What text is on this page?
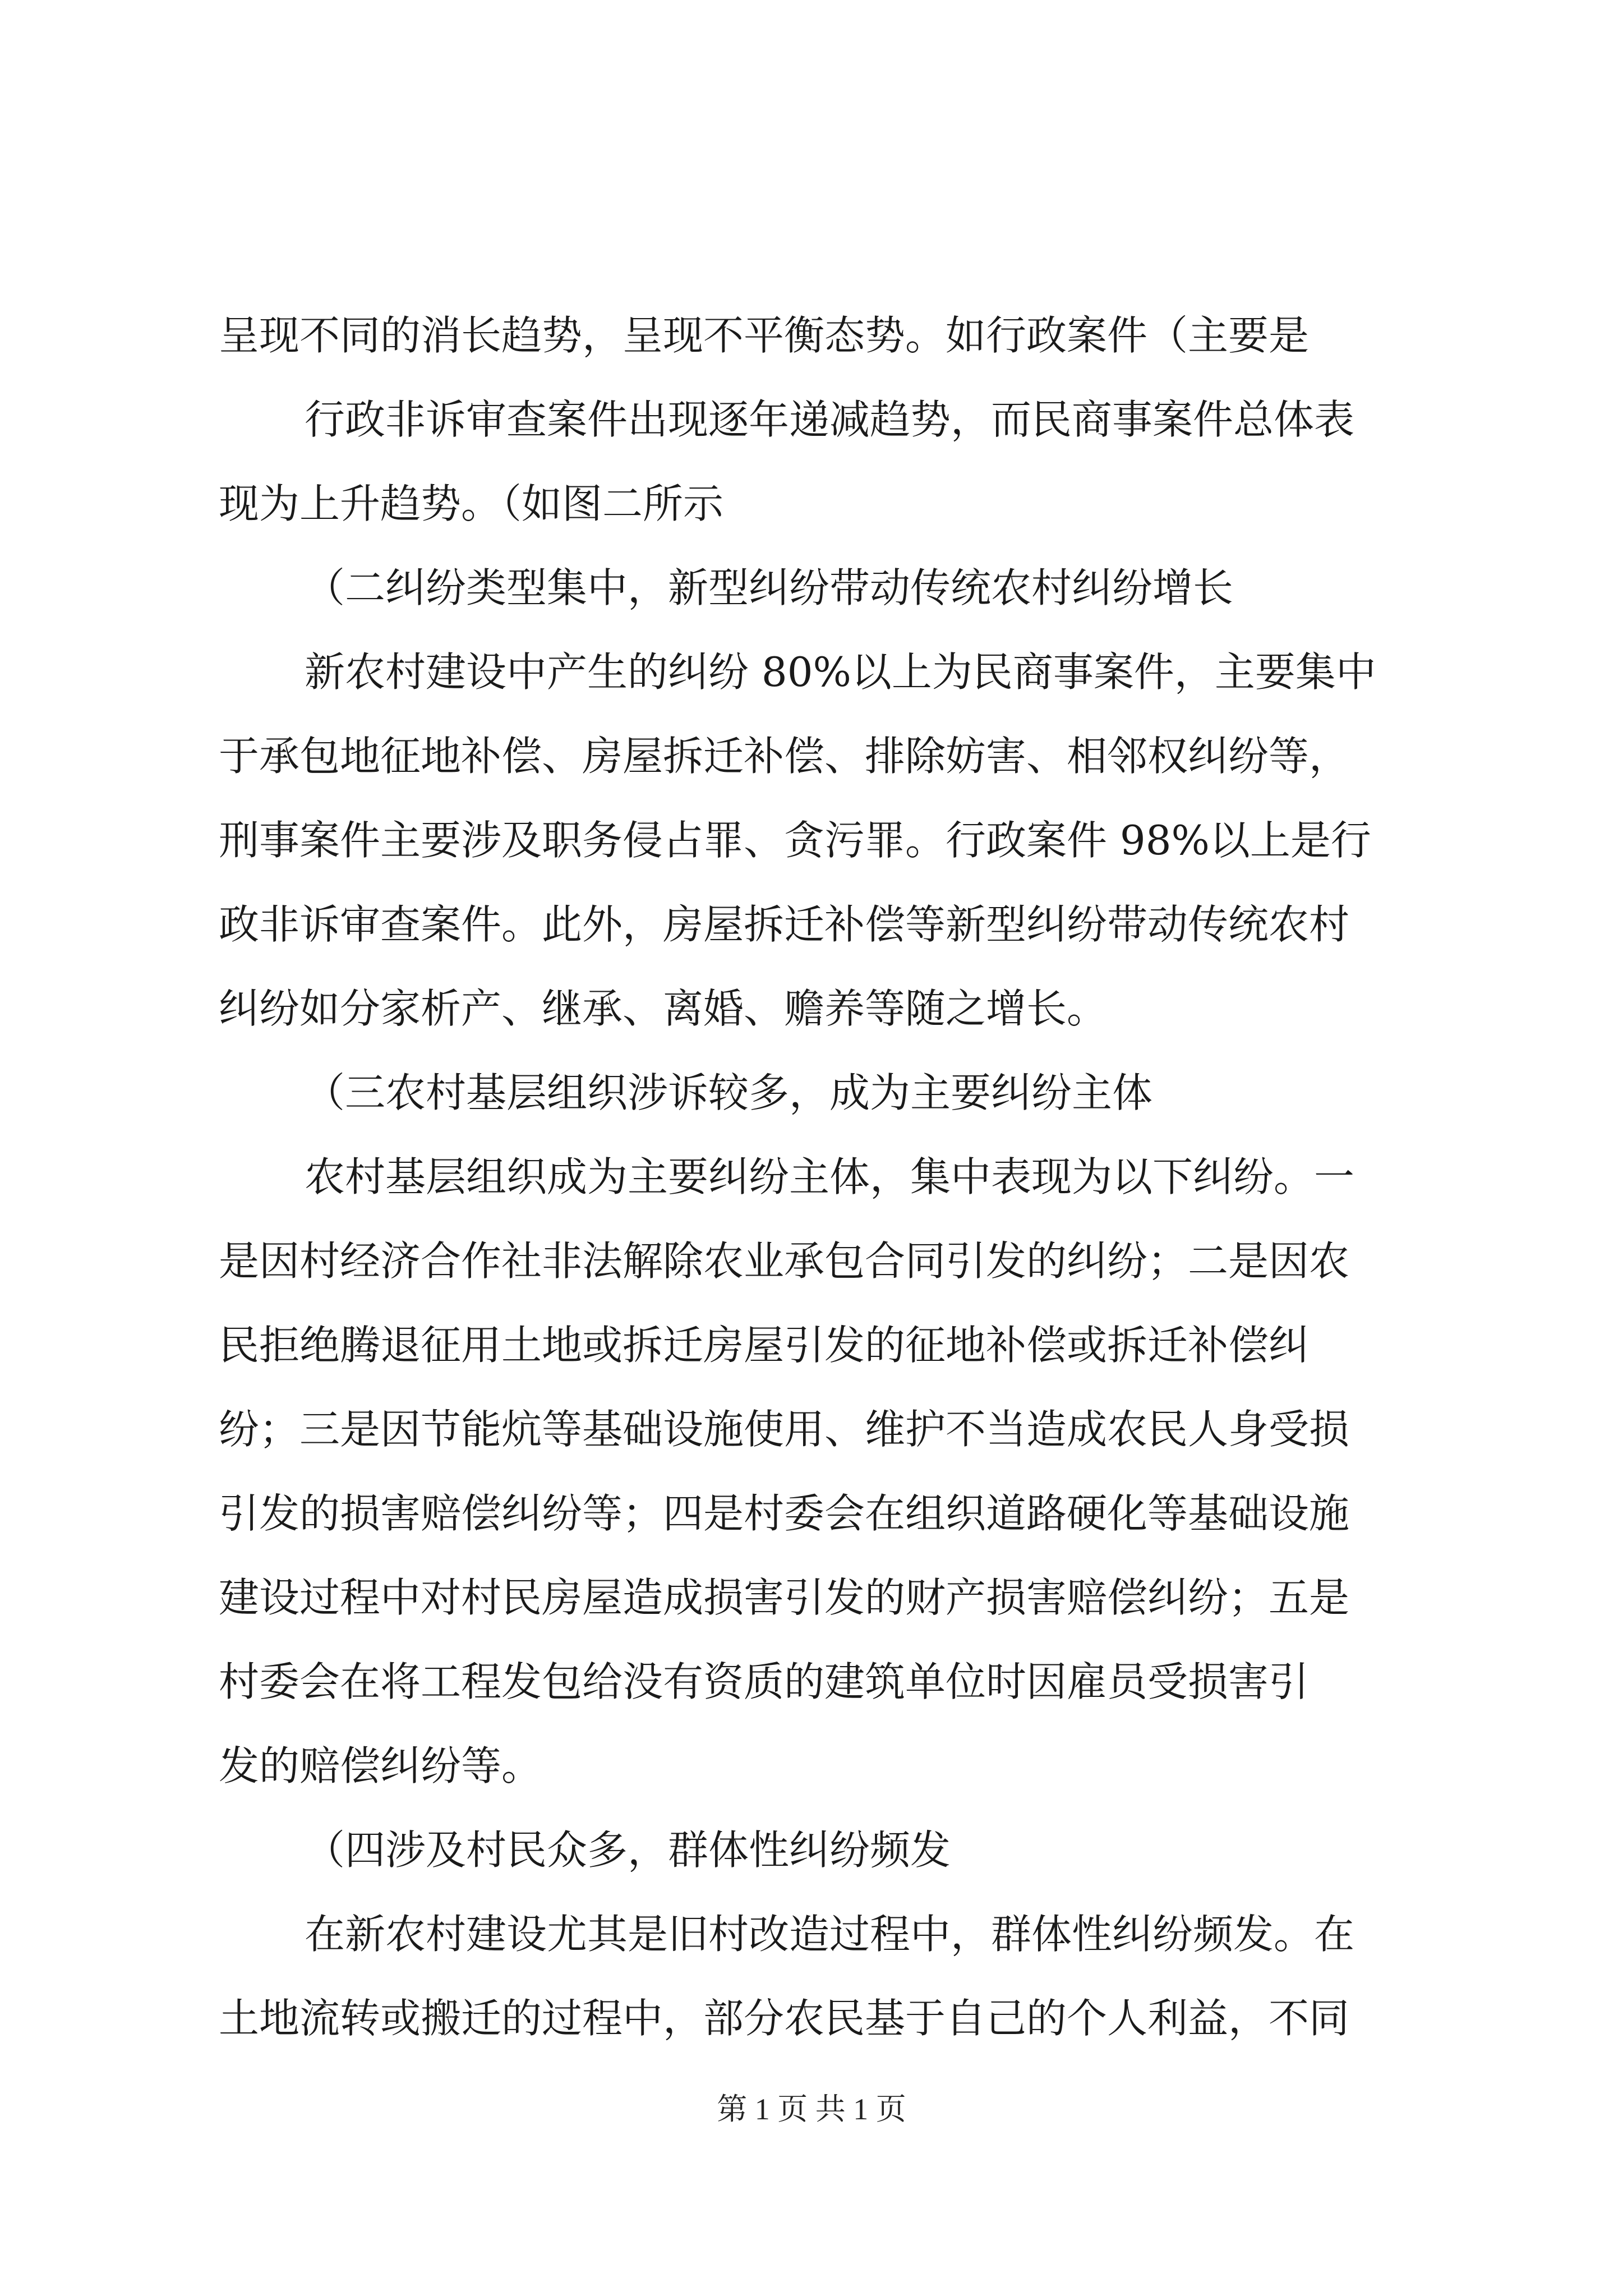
呈现不同的消长趋势，呈现不平衡态势。如行政案件（主要是
行政非诉审查案件出现逐年递减趋势，而民商事案件总体表
现为上升趋势。（如图二所示
（二纠纷类型集中，新型纠纷带动传统农村纠纷增长
新农村建设中产生的纠纷 80%以上为民商事案件，主要集中
于承包地征地补偿、房屋拆迁补偿、排除妨害、相邻权纠纷等，
刑事案件主要涉及职务侵占罪、贪污罪。行政案件 98%以上是行
政非诉审查案件。此外，房屋拆迁补偿等新型纠纷带动传统农村
纠纷如分家析产、继承、离婚、赡养等随之增长。
（三农村基层组织涉诉较多，成为主要纠纷主体
农村基层组织成为主要纠纷主体，集中表现为以下纠纷。一
是因村经济合作社非法解除农业承包合同引发的纠纷；二是因农
民拒绝腾退征用土地或拆迁房屋引发的征地补偿或拆迁补偿纠
纷；三是因节能炕等基础设施使用、维护不当造成农民人身受损
引发的损害赔偿纠纷等；四是村委会在组织道路硬化等基础设施
建设过程中对村民房屋造成损害引发的财产损害赔偿纠纷；五是
村委会在将工程发包给没有资质的建筑单位时因雇员受损害引
发的赔偿纠纷等。
（四涉及村民众多，群体性纠纷频发
在新农村建设尤其是旧村改造过程中，群体性纠纷频发。在
土地流转或搬迁的过程中，部分农民基于自己的个人利益，不同
第 1 页 共 1 页
